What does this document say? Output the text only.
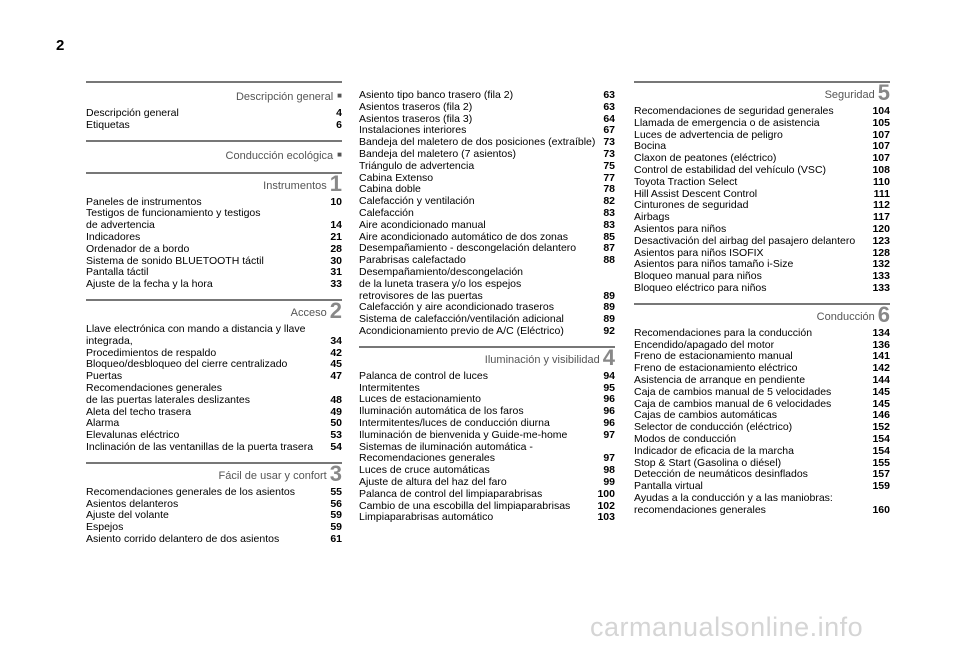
2
Descripción general ■
Descripción general	4
Etiquetas	6
Conducción ecológica ■
Instrumentos 1
Paneles de instrumentos	10
Testigos de funcionamiento y testigos
de advertencia	14
Indicadores	21
Ordenador de a bordo	28
Sistema de sonido BLUETOOTH táctil	30
Pantalla táctil	31
Ajuste de la fecha y la hora	33
Acceso 2
Llave electrónica con mando a distancia y llave
integrada,	34
Procedimientos de respaldo	42
Bloqueo/desbloqueo del cierre centralizado	45
Puertas	47
Recomendaciones generales
de las puertas laterales deslizantes	48
Aleta del techo trasera	49
Alarma	50
Elevalunas eléctrico	53
Inclinación de las ventanillas de la puerta trasera	54
Fácil de usar y confort 3
Recomendaciones generales de los asientos	55
Asientos delanteros	56
Ajuste del volante	59
Espejos	59
Asiento corrido delantero de dos asientos	61
Asiento tipo banco trasero (fila 2)	63
Asientos traseros (fila 2)	63
Asientos traseros (fila 3)	64
Instalaciones interiores	67
Bandeja del maletero de dos posiciones (extraíble) 73
Bandeja del maletero (7 asientos)	73
Triángulo de advertencia	75
Cabina Extenso	77
Cabina doble	78
Calefacción y ventilación	82
Calefacción	83
Aire acondicionado manual	83
Aire acondicionado automático de dos zonas	85
Desempañamiento - descongelación delantero	87
Parabrisas calefactado	88
Desempañamiento/descongelación
de la luneta trasera y/o los espejos
retrovisores de las puertas	89
Calefacción y aire acondicionado traseros	89
Sistema de calefacción/ventilación adicional	89
Acondicionamiento previo de A/C (Eléctrico)	92
Iluminación y visibilidad 4
Palanca de control de luces	94
Intermitentes	95
Luces de estacionamiento	96
Iluminación automática de los faros	96
Intermitentes/luces de conducción diurna	96
Iluminación de bienvenida y Guide-me-home	97
Sistemas de iluminación automática -
Recomendaciones generales	97
Luces de cruce automáticas	98
Ajuste de altura del haz del faro	99
Palanca de control del limpiaparabrisas	100
Cambio de una escobilla del limpiaparabrisas	102
Limpiaparabrisas automático	103
Seguridad 5
Recomendaciones de seguridad generales	104
Llamada de emergencia o de asistencia	105
Luces de advertencia de peligro	107
Bocina	107
Claxon de peatones (eléctrico)	107
Control de estabilidad del vehículo (VSC)	108
Toyota Traction Select	110
Hill Assist Descent Control	111
Cinturones de seguridad	112
Airbags	117
Asientos para niños	120
Desactivación del airbag del pasajero delantero	123
Asientos para niños ISOFIX	128
Asientos para niños tamaño i-Size	132
Bloqueo manual para niños	133
Bloqueo eléctrico para niños	133
Conducción 6
Recomendaciones para la conducción	134
Encendido/apagado del motor	136
Freno de estacionamiento manual	141
Freno de estacionamiento eléctrico	142
Asistencia de arranque en pendiente	144
Caja de cambios manual de 5 velocidades	145
Caja de cambios manual de 6 velocidades	145
Cajas de cambios automáticas	146
Selector de conducción (eléctrico)	152
Modos de conducción	154
Indicador de eficacia de la marcha	154
Stop & Start (Gasolina o diésel)	155
Detección de neumáticos desinflados	157
Pantalla virtual	159
Ayudas a la conducción y a las maniobras:
recomendaciones generales	160
carmanualsonline.info
